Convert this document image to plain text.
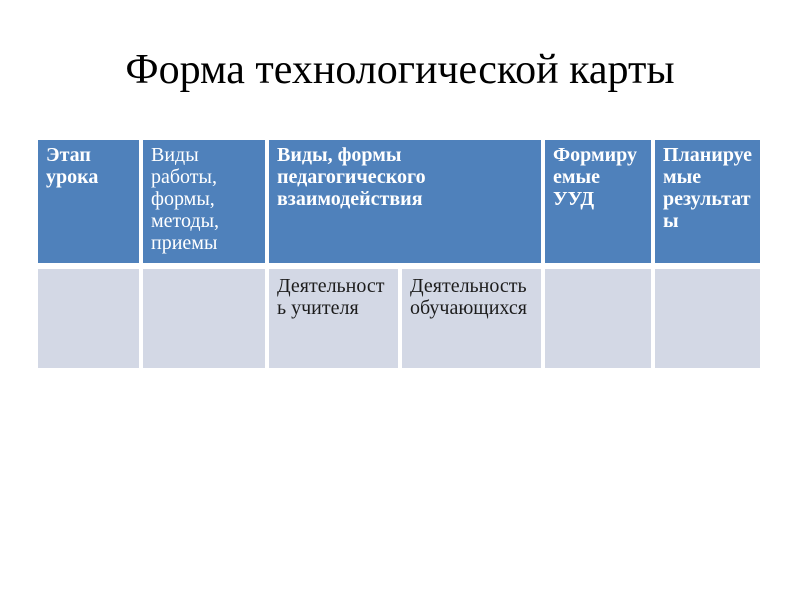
Форма технологической карты
Этап
урока
Виды
работы,
формы,
методы,
приемы
Виды, формы
педагогического
взаимодействия
Формиру
емые
УУД
Планируе
мые
результат
ы
Деятельност
ь учителя
Деятельность
обучающихся
